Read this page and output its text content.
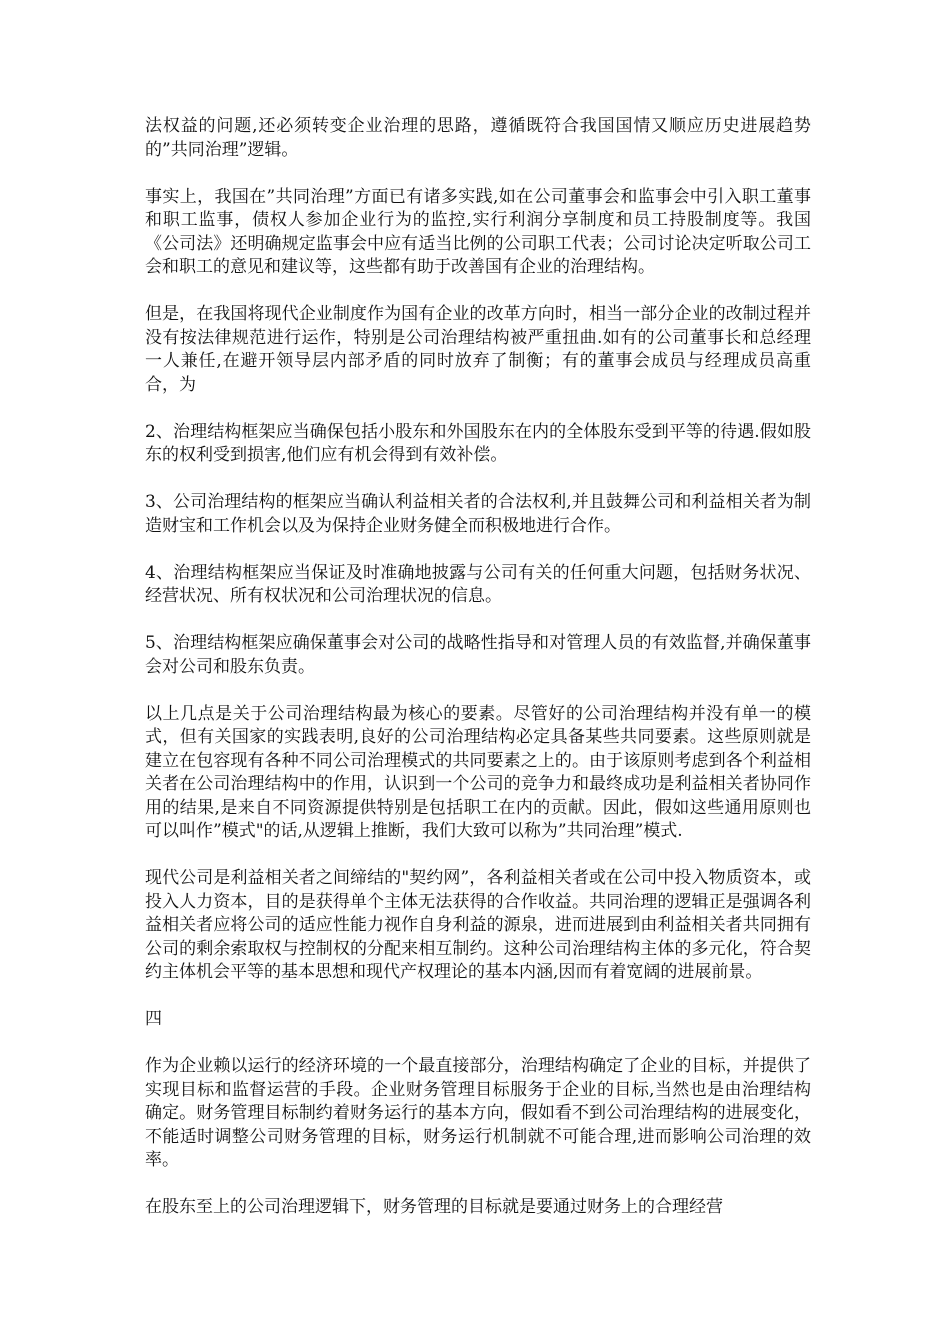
法权益的问题,还必须转变企业治理的思路，遵循既符合我国国情又顺应历史进展趋势的”共同治理”逻辑。

事实上，我国在”共同治理”方面已有诸多实践,如在公司董事会和监事会中引入职工董事和职工监事，债权人参加企业行为的监控,实行利润分享制度和员工持股制度等。我国《公司法》还明确规定监事会中应有适当比例的公司职工代表；公司讨论决定听取公司工会和职工的意见和建议等，这些都有助于改善国有企业的治理结构。

但是，在我国将现代企业制度作为国有企业的改革方向时，相当一部分企业的改制过程并没有按法律规范进行运作，特别是公司治理结构被严重扭曲.如有的公司董事长和总经理一人兼任,在避开领导层内部矛盾的同时放弃了制衡；有的董事会成员与经理成员高重合，为

2、治理结构框架应当确保包括小股东和外国股东在内的全体股东受到平等的待遇.假如股东的权利受到损害,他们应有机会得到有效补偿。

3、公司治理结构的框架应当确认利益相关者的合法权利,并且鼓舞公司和利益相关者为制造财宝和工作机会以及为保持企业财务健全而积极地进行合作。

4、治理结构框架应当保证及时准确地披露与公司有关的任何重大问题，包括财务状况、经营状况、所有权状况和公司治理状况的信息。

5、治理结构框架应确保董事会对公司的战略性指导和对管理人员的有效监督,并确保董事会对公司和股东负责。

以上几点是关于公司治理结构最为核心的要素。尽管好的公司治理结构并没有单一的模式，但有关国家的实践表明,良好的公司治理结构必定具备某些共同要素。这些原则就是建立在包容现有各种不同公司治理模式的共同要素之上的。由于该原则考虑到各个利益相关者在公司治理结构中的作用，认识到一个公司的竞争力和最终成功是利益相关者协同作用的结果,是来自不同资源提供特别是包括职工在内的贡献。因此，假如这些通用原则也可以叫作”模式"的话,从逻辑上推断，我们大致可以称为”共同治理”模式.

现代公司是利益相关者之间缔结的"契约网”，各利益相关者或在公司中投入物质资本，或投入人力资本，目的是获得单个主体无法获得的合作收益。共同治理的逻辑正是强调各利益相关者应将公司的适应性能力视作自身利益的源泉，进而进展到由利益相关者共同拥有公司的剩余索取权与控制权的分配来相互制约。这种公司治理结构主体的多元化，符合契约主体机会平等的基本思想和现代产权理论的基本内涵,因而有着宽阔的进展前景。

四

作为企业赖以运行的经济环境的一个最直接部分，治理结构确定了企业的目标，并提供了实现目标和监督运营的手段。企业财务管理目标服务于企业的目标,当然也是由治理结构确定。财务管理目标制约着财务运行的基本方向，假如看不到公司治理结构的进展变化，不能适时调整公司财务管理的目标，财务运行机制就不可能合理,进而影响公司治理的效率。

在股东至上的公司治理逻辑下，财务管理的目标就是要通过财务上的合理经营
